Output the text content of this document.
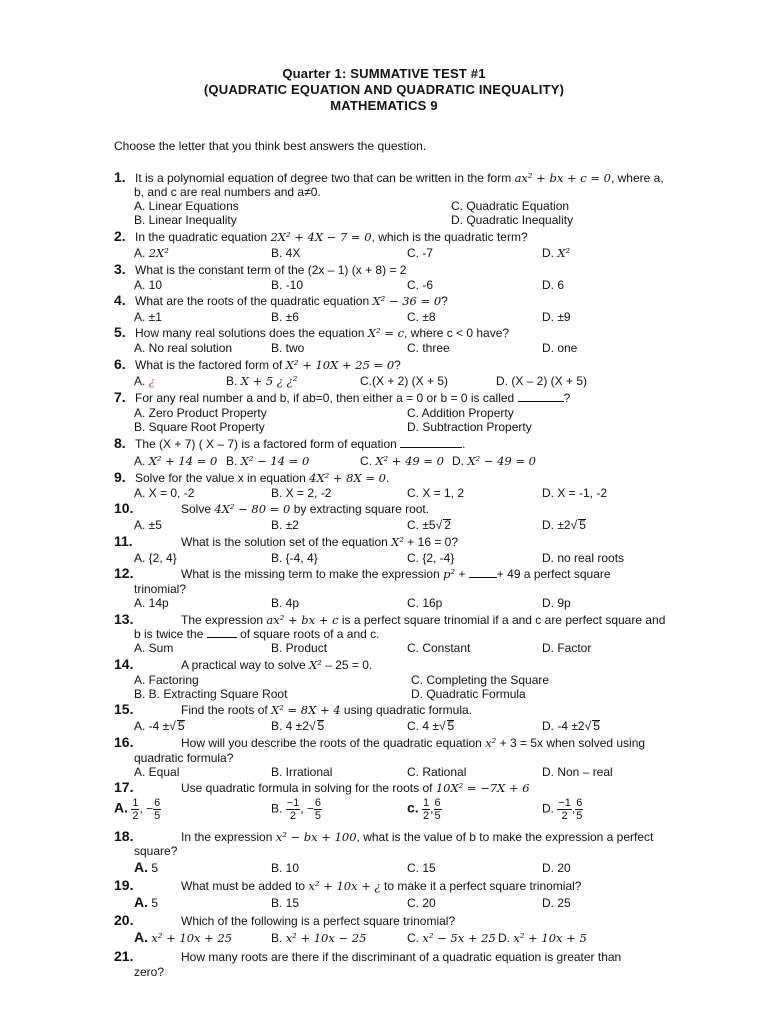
Quarter 1: SUMMATIVE TEST #1
(QUADRATIC EQUATION AND QUADRATIC INEQUALITY)
MATHEMATICS 9
Choose the letter that you think best answers the question.
1. It is a polynomial equation of degree two that can be written in the form ax² + bx + c = 0, where a,
b, and c are real numbers and a≠0.
A. Linear Equations
B. Linear Inequality
C. Quadratic Equation
D. Quadratic Inequality
2. In the quadratic equation 2X² + 4X − 7 = 0, which is the quadratic term?
A. 2X²	B. 4X	C. -7	D. X²
3. What is the constant term of the (2x – 1) (x + 8) = 2
A. 10	B. -10	C. -6	D. 6
4. What are the roots of the quadratic equation X² − 36 = 0?
A. ±1	B. ±6	C. ±8	D. ±9
5. How many real solutions does the equation X² = c, where c < 0 have?
A. No real solution	B. two	C. three	D. one
6. What is the factored form of X² + 10X + 25 = 0?
A. ¿	B. X + 5 ¿ ¿²	C.(X + 2) (X + 5)	D. (X – 2) (X + 5)
7. For any real number a and b, if ab=0, then either a = 0 or b = 0 is called	?
A. Zero Product Property
B. Square Root Property
C. Addition Property
D. Subtraction Property
8. The (X + 7) ( X – 7) is a factored form of equation	.
A. X² + 14 = 0 B. X² − 14 = 0	C. X² + 49 = 0 D. X² − 49 = 0
9. Solve for the value x in equation 4X² + 8X = 0.
A. X = 0, -2	B. X = 2, -2	C. X = 1, 2	D. X = -1, -2
10.	Solve 4X² − 80 = 0 by extracting square root.
A. ±5	B. ±2	C. ±5√ 2	D. ±2√ 5
11.	What is the solution set of the equation X² + 16 = 0?
A. {2, 4}	B. {-4, 4}	C. {2, -4}	D. no real roots
12.	What is the missing term to make the expression p² + + 49 a perfect square
trinomial?
A. 14p	B. 4p	C. 16p	D. 9p
13.	The expression ax² + bx + c is a perfect square trinomial if a and c are perfect square and
b is twice the	of square roots of a and c.
A. Sum	B. Product	C. Constant	D. Factor
14.	A practical way to solve X² – 25 = 0.
A. Factoring
B. B. Extracting Square Root
C. Completing the Square
D. Quadratic Formula
15.	Find the roots of X² = 8X + 4 using quadratic formula.
A. -4 ±√ 5	B. 4 ±2√ 5	C. 4 ±√ 5	D. -4 ±2√ 5
16.	How will you describe the roots of the quadratic equation x² + 3 = 5x when solved using
quadratic formula?
A. Equal	B. Irrational	C. Rational	D. Non – real
17.	Use quadratic formula in solving for the roots of 10X² = −7X + 6
A. $\frac{1}{2}$ , − $\frac{6}{5}$	B. $\frac{-1}{2}$ , − $\frac{6}{5}$	c. $\frac{1}{2}$ , $\frac{6}{5}$	D. $\frac{-1}{2}$ , $\frac{6}{5}$
18.	In the expression x² − bx + 100, what is the value of b to make the expression a perfect
square?
A. 5	B. 10	C. 15	D. 20
19.	What must be added to x² + 10x + ¿ to make it a perfect square trinomial?
A. 5	B. 15	C. 20	D. 25
20.	Which of the following is a perfect square trinomial?
A. x² + 10x + 25	B. x² + 10x − 25	C. x² − 5x + 25 D. x² + 10x + 5
21.	How many roots are there if the discriminant of a quadratic equation is greater than
zero?
